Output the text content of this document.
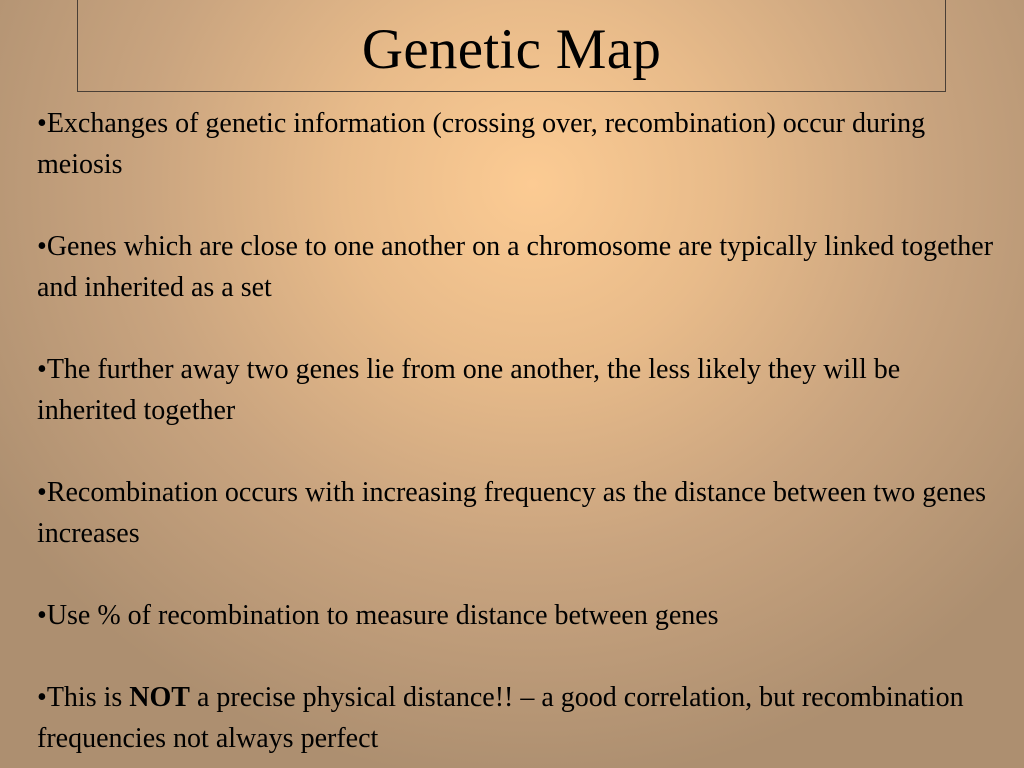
Genetic Map
•Exchanges of genetic information (crossing over, recombination) occur during meiosis
•Genes which are close to one another on a chromosome are typically linked together and inherited as a set
•The further away two genes lie from one another, the less likely they will be inherited together
•Recombination occurs with increasing frequency as the distance between two genes increases
•Use % of recombination to measure distance between genes
•This is NOT a precise physical distance!! – a good correlation, but recombination frequencies not always perfect
